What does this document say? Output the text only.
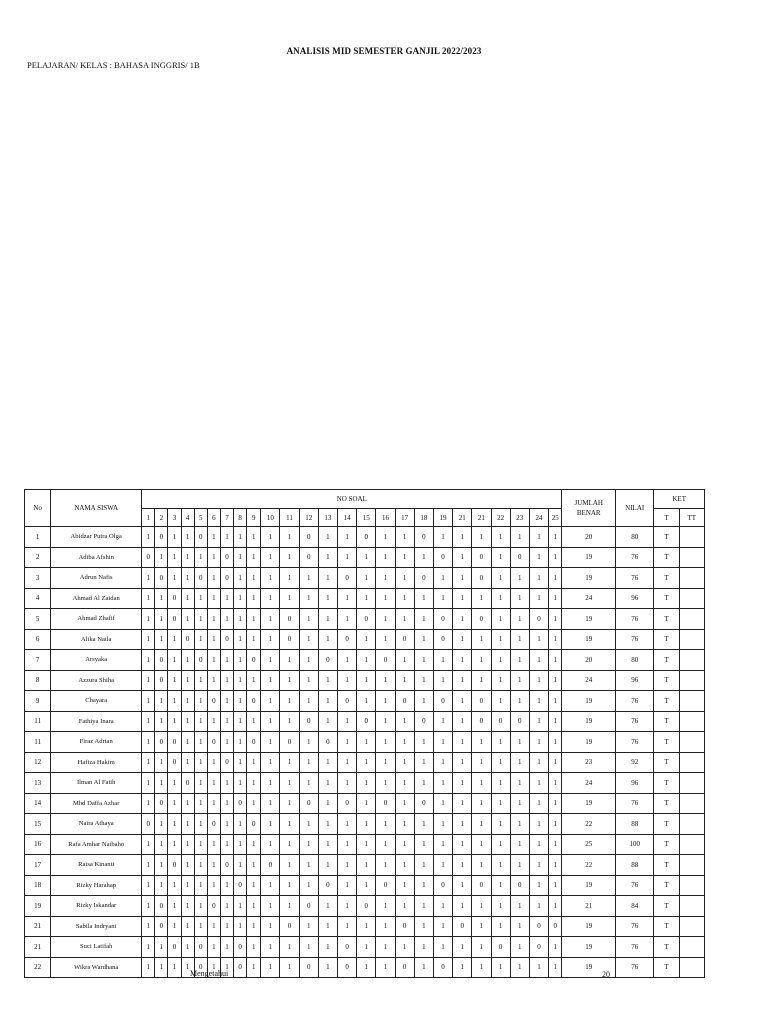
ANALISIS MID SEMESTER GANJIL 2022/2023
PELAJARAN/ KELAS : BAHASA INGGRIS/ 1B
No	NAMA SISWA	NO SOAL																									JUMLAH
BENAR	NILAI	KET	
		1	2	3	4	5	6	7	8	9	10	11	12	13	14	15	16	17	18	19	21	21	22	23	24	25			T	TT
1	Abidzar Putra Olga	1	0	1	1	0	1	1	1	1	1	1	0	1	1	0	1	1	0	1	1	1	1	1	1	1	20	80	T	
2	Adiba Afshin	0	1	1	1	1	1	0	1	1	1	1	0	1	1	1	1	1	1	0	1	0	1	0	1	1	19	76	T	
3	Adrun Nafis	1	0	1	1	0	1	0	1	1	1	1	1	1	0	1	1	1	0	1	1	0	1	1	1	1	19	76	T	
4	Ahmad Al Zaidan	1	1	0	1	1	1	1	1	1	1	1	1	1	1	1	1	1	1	1	1	1	1	1	1	1	24	96	T	
5	Ahmad Zhafif	1	1	0	1	1	1	1	1	1	1	0	1	1	1	0	1	1	1	0	1	0	1	1	0	1	19	76	T	
6	Alika Naila	1	1	1	0	1	1	0	1	1	1	0	1	1	0	1	1	0	1	0	1	1	1	1	1	1	19	76	T	
7	Arsyaka	1	0	1	1	0	1	1	1	0	1	1	1	0	1	1	0	1	1	1	1	1	1	1	1	1	20	80	T	
8	Azzura Shiha	1	0	1	1	1	1	1	1	1	1	1	1	1	1	1	1	1	1	1	1	1	1	1	1	1	24	96	T	
9	Chayara	1	1	1	1	1	0	1	1	0	1	1	1	1	0	1	1	0	1	0	1	0	1	1	1	1	19	76	T	
11	Fathiya Inara	1	1	1	1	1	1	1	1	1	1	1	0	1	1	0	1	1	0	1	1	0	0	0	1	1	19	76	T	
11	Firaz Adrian	1	0	0	1	1	0	1	1	0	1	0	1	0	1	1	1	1	1	1	1	1	1	1	1	1	19	76	T	
12	Hafiza Hakim	1	1	0	1	1	1	0	1	1	1	1	1	1	1	1	1	1	1	1	1	1	1	1	1	1	23	92	T	
13	Ilman Al Fatih	1	1	1	0	1	1	1	1	1	1	1	1	1	1	1	1	1	1	1	1	1	1	1	1	1	24	96	T	
14	Mhd Daffa Azhar	1	0	1	1	1	1	1	0	1	1	1	0	1	0	1	0	1	0	1	1	1	1	1	1	1	19	76	T	
15	Naira Athaya	0	1	1	1	1	0	1	1	0	1	1	1	1	1	1	1	1	1	1	1	1	1	1	1	1	22	88	T	
16	Rafa Amhar Naibaho	1	1	1	1	1	1	1	1	1	1	1	1	1	1	1	1	1	1	1	1	1	1	1	1	1	25	100	T	
17	Raisa Kinanti	1	1	0	1	1	1	0	1	1	0	1	1	1	1	1	1	1	1	1	1	1	1	1	1	1	22	88	T	
18	Rizky Harahap	1	1	1	1	1	1	1	0	1	1	1	1	0	1	1	0	1	1	0	1	0	1	0	1	1	19	76	T	
19	Rizky Iskandar	1	0	1	1	1	0	1	1	1	1	1	0	1	1	0	1	1	1	1	1	1	1	1	1	1	21	84	T	
21	Sabila Indryani	1	0	1	1	1	1	1	1	1	1	0	1	1	1	1	1	0	1	1	0	1	1	1	0	0	19	76	T	
21	Suci Latifah	1	1	0	1	0	1	1	0	1	1	1	1	1	0	1	1	1	1	1	1	1	0	1	0	1	19	76	T	
22	Wikra Wardhana	1	1	1	1	0	1	1	0	1	1	1	0	1	0	1	1	0	1	0	1	1	1	1	1	1	19	76	T	
Mengetahui	20
